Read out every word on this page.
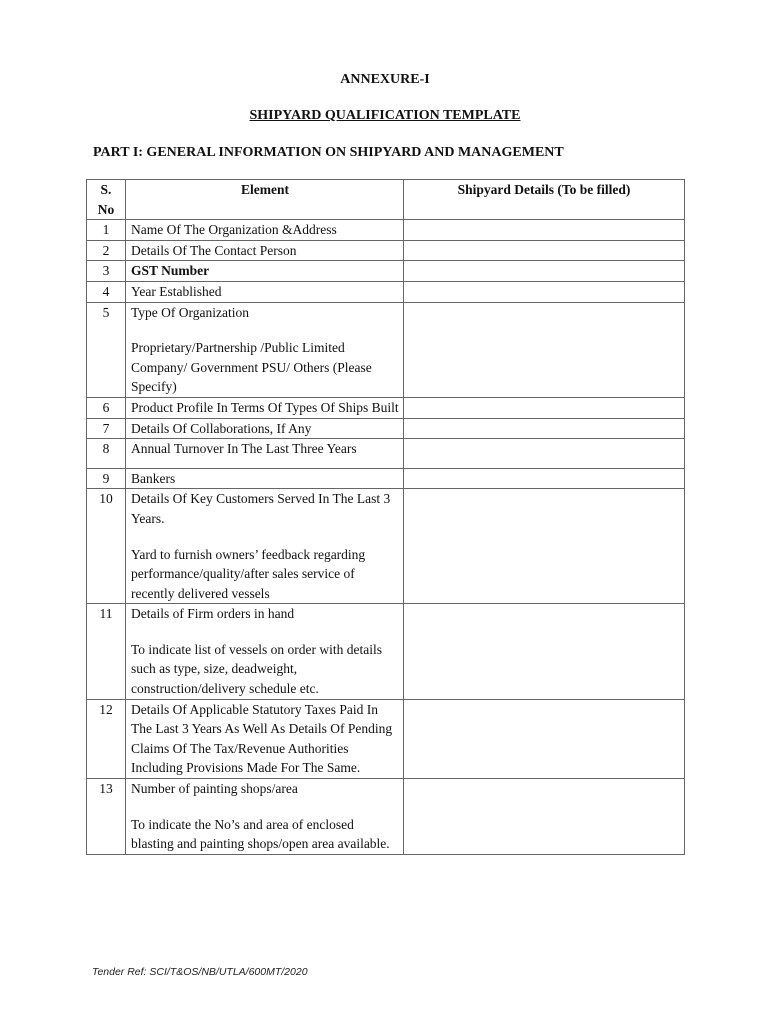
ANNEXURE-I
SHIPYARD QUALIFICATION TEMPLATE
PART I: GENERAL INFORMATION ON SHIPYARD AND MANAGEMENT
S.
No	Element	Shipyard Details (To be filled)
1	Name Of The Organization &Address	
2	Details Of The Contact Person	
3	GST Number	
4	Year Established	
5	Type Of Organization
Proprietary/Partnership /Public Limited Company/ Government PSU/ Others (Please Specify)	

6	Product Profile In Terms Of Types Of Ships Built	
7	Details Of Collaborations, If Any	
8	Annual Turnover In The Last Three Years	

9	Bankers	
10	Details Of Key Customers Served In The Last 3 Years.
Yard to furnish owners’ feedback regarding performance/quality/after sales service of recently delivered vessels	

11	Details of Firm orders in hand
To indicate list of vessels on order with details such as type, size, deadweight, construction/delivery schedule etc.	

12	Details Of Applicable Statutory Taxes Paid In The Last 3 Years As Well As Details Of Pending Claims Of The Tax/Revenue Authorities Including Provisions Made For The Same.	
13	Number of painting shops/area
To indicate the No’s and area of enclosed blasting and painting shops/open area available.	

Tender Ref: SCI/T&OS/NB/UTLA/600MT/2020
